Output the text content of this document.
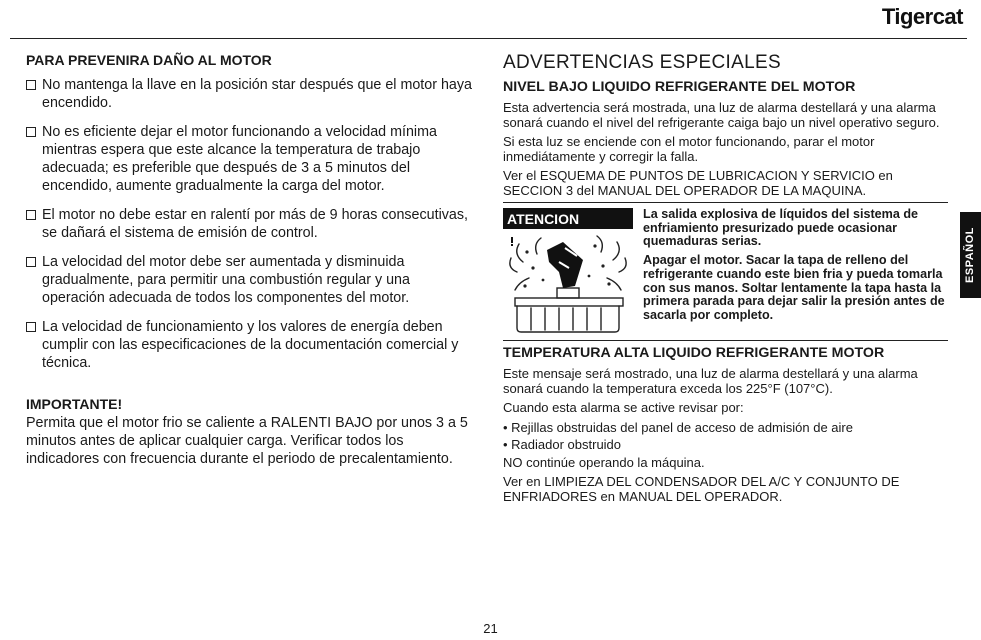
Tigercat
ESPAÑOL
PARA PREVENIRA DAÑO AL MOTOR
No mantenga la llave en la posición star después que el motor haya encendido.
No es eficiente dejar el motor funcionando a velocidad mínima mientras espera que este alcance la temperatura de trabajo adecuada; es preferible que después de 3 a 5 minutos del encendido, aumente gradualmente la carga del motor.
El motor no debe estar en ralentí por más de 9 horas consecutivas, se dañará el sistema de emisión de control.
La velocidad del motor debe ser aumentada y disminuida gradualmente, para permitir una combustión regular y una operación adecuada de todos los componentes del motor.
La velocidad de funcionamiento y los valores de energía deben cumplir con las especificaciones de la documentación comercial y técnica.
IMPORTANTE!

Permita que el motor frio se caliente a RALENTI BAJO por unos 3 a 5 minutos antes de aplicar cualquier carga. Verificar todos los indicadores con frecuencia durante el periodo de precalentamiento.

ADVERTENCIAS ESPECIALES
NIVEL BAJO LIQUIDO REFRIGERANTE DEL MOTOR

Esta advertencia será mostrada, una luz de alarma destellará y una alarma sonará cuando el nivel del refrigerante caiga bajo un nivel operativo seguro.

Si esta luz se enciende con el motor funcionando, parar el motor inmediátamente y corregir la falla.

Ver el ESQUEMA DE PUNTOS DE LUBRICACION Y SERVICIO en SECCION 3 del MANUAL DEL OPERADOR DE LA MAQUINA.

ATENCION	La salida explosiva de líquidos del sistema de enfriamiento presurizado puede ocasionar quemaduras serias.

Apagar el motor. Sacar la tapa de relleno del refrigerante cuando este bien fria y pueda tomarla con sus manos. Soltar lentamente la tapa hasta la primera parada para dejar salir la presión antes de sacarla por completo.

TEMPERATURA ALTA LIQUIDO REFRIGERANTE MOTOR

Este mensaje será mostrado, una luz de alarma destellará y una alarma sonará cuando la temperatura exceda los 225°F (107°C).

Cuando esta alarma se active revisar por:

• Rejillas obstruidas del panel de acceso de admisión de aire
• Radiador obstruido

NO continúe operando la máquina.

Ver en LIMPIEZA DEL CONDENSADOR DEL A/C Y CONJUNTO DE ENFRIADORES en MANUAL DEL OPERADOR.

21
